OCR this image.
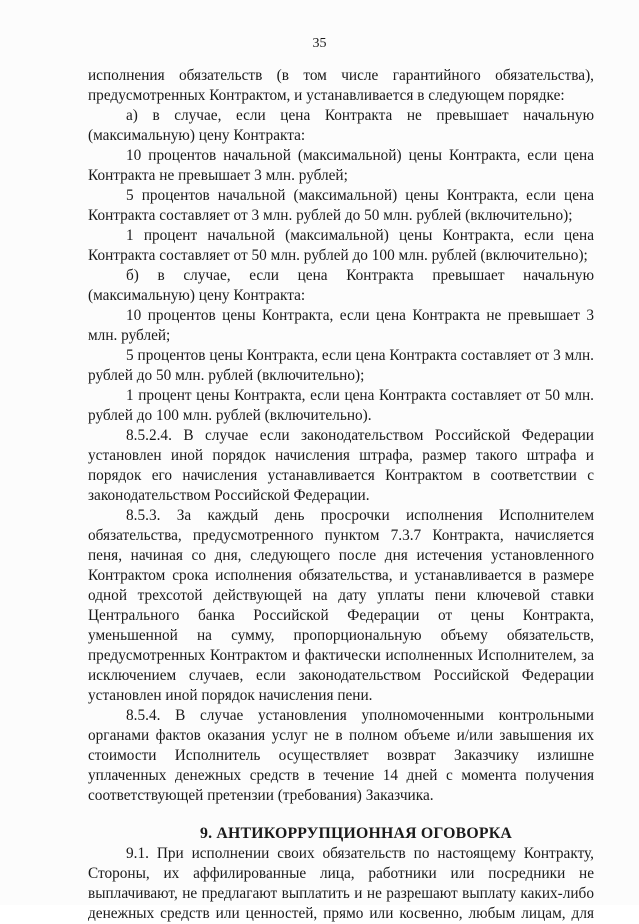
35

исполнения обязательств (в том числе гарантийного обязательства), предусмотренных Контрактом, и устанавливается в следующем порядке:

а) в случае, если цена Контракта не превышает начальную (максимальную) цену Контракта:

10 процентов начальной (максимальной) цены Контракта, если цена Контракта не превышает 3 млн. рублей;

5 процентов начальной (максимальной) цены Контракта, если цена Контракта составляет от 3 млн. рублей до 50 млн. рублей (включительно);

1 процент начальной (максимальной) цены Контракта, если цена Контракта составляет от 50 млн. рублей до 100 млн. рублей (включительно);

б) в случае, если цена Контракта превышает начальную (максимальную) цену Контракта:

10 процентов цены Контракта, если цена Контракта не превышает 3 млн. рублей;

5 процентов цены Контракта, если цена Контракта составляет от 3 млн. рублей до 50 млн. рублей (включительно);

1 процент цены Контракта, если цена Контракта составляет от 50 млн. рублей до 100 млн. рублей (включительно).

8.5.2.4. В случае если законодательством Российской Федерации установлен иной порядок начисления штрафа, размер такого штрафа и порядок его начисления устанавливается Контрактом в соответствии с законодательством Российской Федерации.

8.5.3. За каждый день просрочки исполнения Исполнителем обязательства, предусмотренного пунктом 7.3.7 Контракта, начисляется пеня, начиная со дня, следующего после дня истечения установленного Контрактом срока исполнения обязательства, и устанавливается в размере одной трехсотой действующей на дату уплаты пени ключевой ставки Центрального банка Российской Федерации от цены Контракта, уменьшенной на сумму, пропорциональную объему обязательств, предусмотренных Контрактом и фактически исполненных Исполнителем, за исключением случаев, если законодательством Российской Федерации установлен иной порядок начисления пени.

8.5.4. В случае установления уполномоченными контрольными органами фактов оказания услуг не в полном объеме и/или завышения их стоимости Исполнитель осуществляет возврат Заказчику излишне уплаченных денежных средств в течение 14 дней с момента получения соответствующей претензии (требования) Заказчика.

9. АНТИКОРРУПЦИОННАЯ ОГОВОРКА

9.1. При исполнении своих обязательств по настоящему Контракту, Стороны, их аффилированные лица, работники или посредники не выплачивают, не предлагают выплатить и не разрешают выплату каких-либо денежных средств или ценностей, прямо или косвенно, любым лицам, для
